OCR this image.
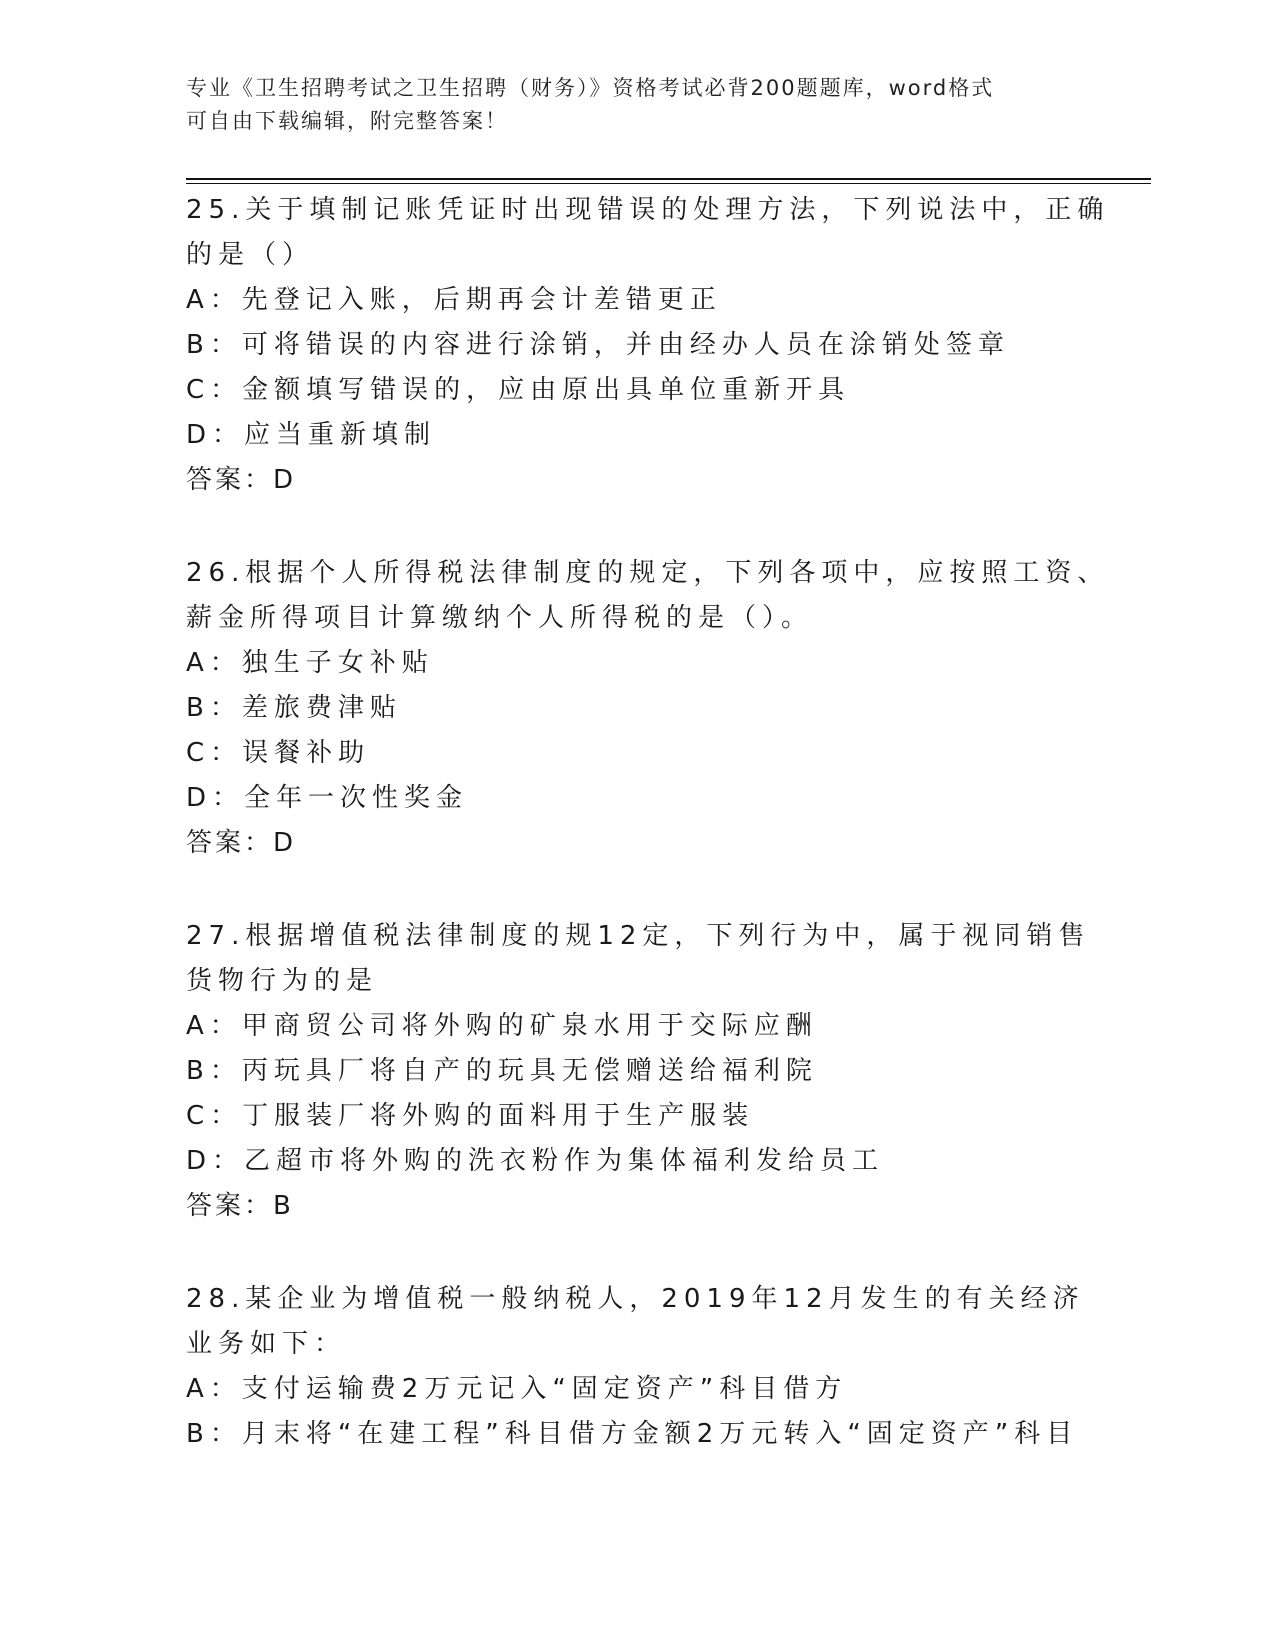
专业《卫生招聘考试之卫生招聘（财务）》资格考试必背200题题库，word格式
可自由下载编辑，附完整答案！

25.关于填制记账凭证时出现错误的处理方法，下列说法中，正确的是（）

A：先登记入账，后期再会计差错更正

B：可将错误的内容进行涂销，并由经办人员在涂销处签章

C：金额填写错误的，应由原出具单位重新开具

D：应当重新填制

答案：D

26.根据个人所得税法律制度的规定，下列各项中，应按照工资、薪金所得项目计算缴纳个人所得税的是（）。

A：独生子女补贴

B：差旅费津贴

C：误餐补助

D：全年一次性奖金

答案：D

27.根据增值税法律制度的规12定，下列行为中，属于视同销售货物行为的是

A：甲商贸公司将外购的矿泉水用于交际应酬

B：丙玩具厂将自产的玩具无偿赠送给福利院

C：丁服装厂将外购的面料用于生产服装

D：乙超市将外购的洗衣粉作为集体福利发给员工

答案：B

28.某企业为增值税一般纳税人，2019年12月发生的有关经济业务如下：

A：支付运输费2万元记入“固定资产”科目借方

B：月末将“在建工程”科目借方金额2万元转入“固定资产”科目
